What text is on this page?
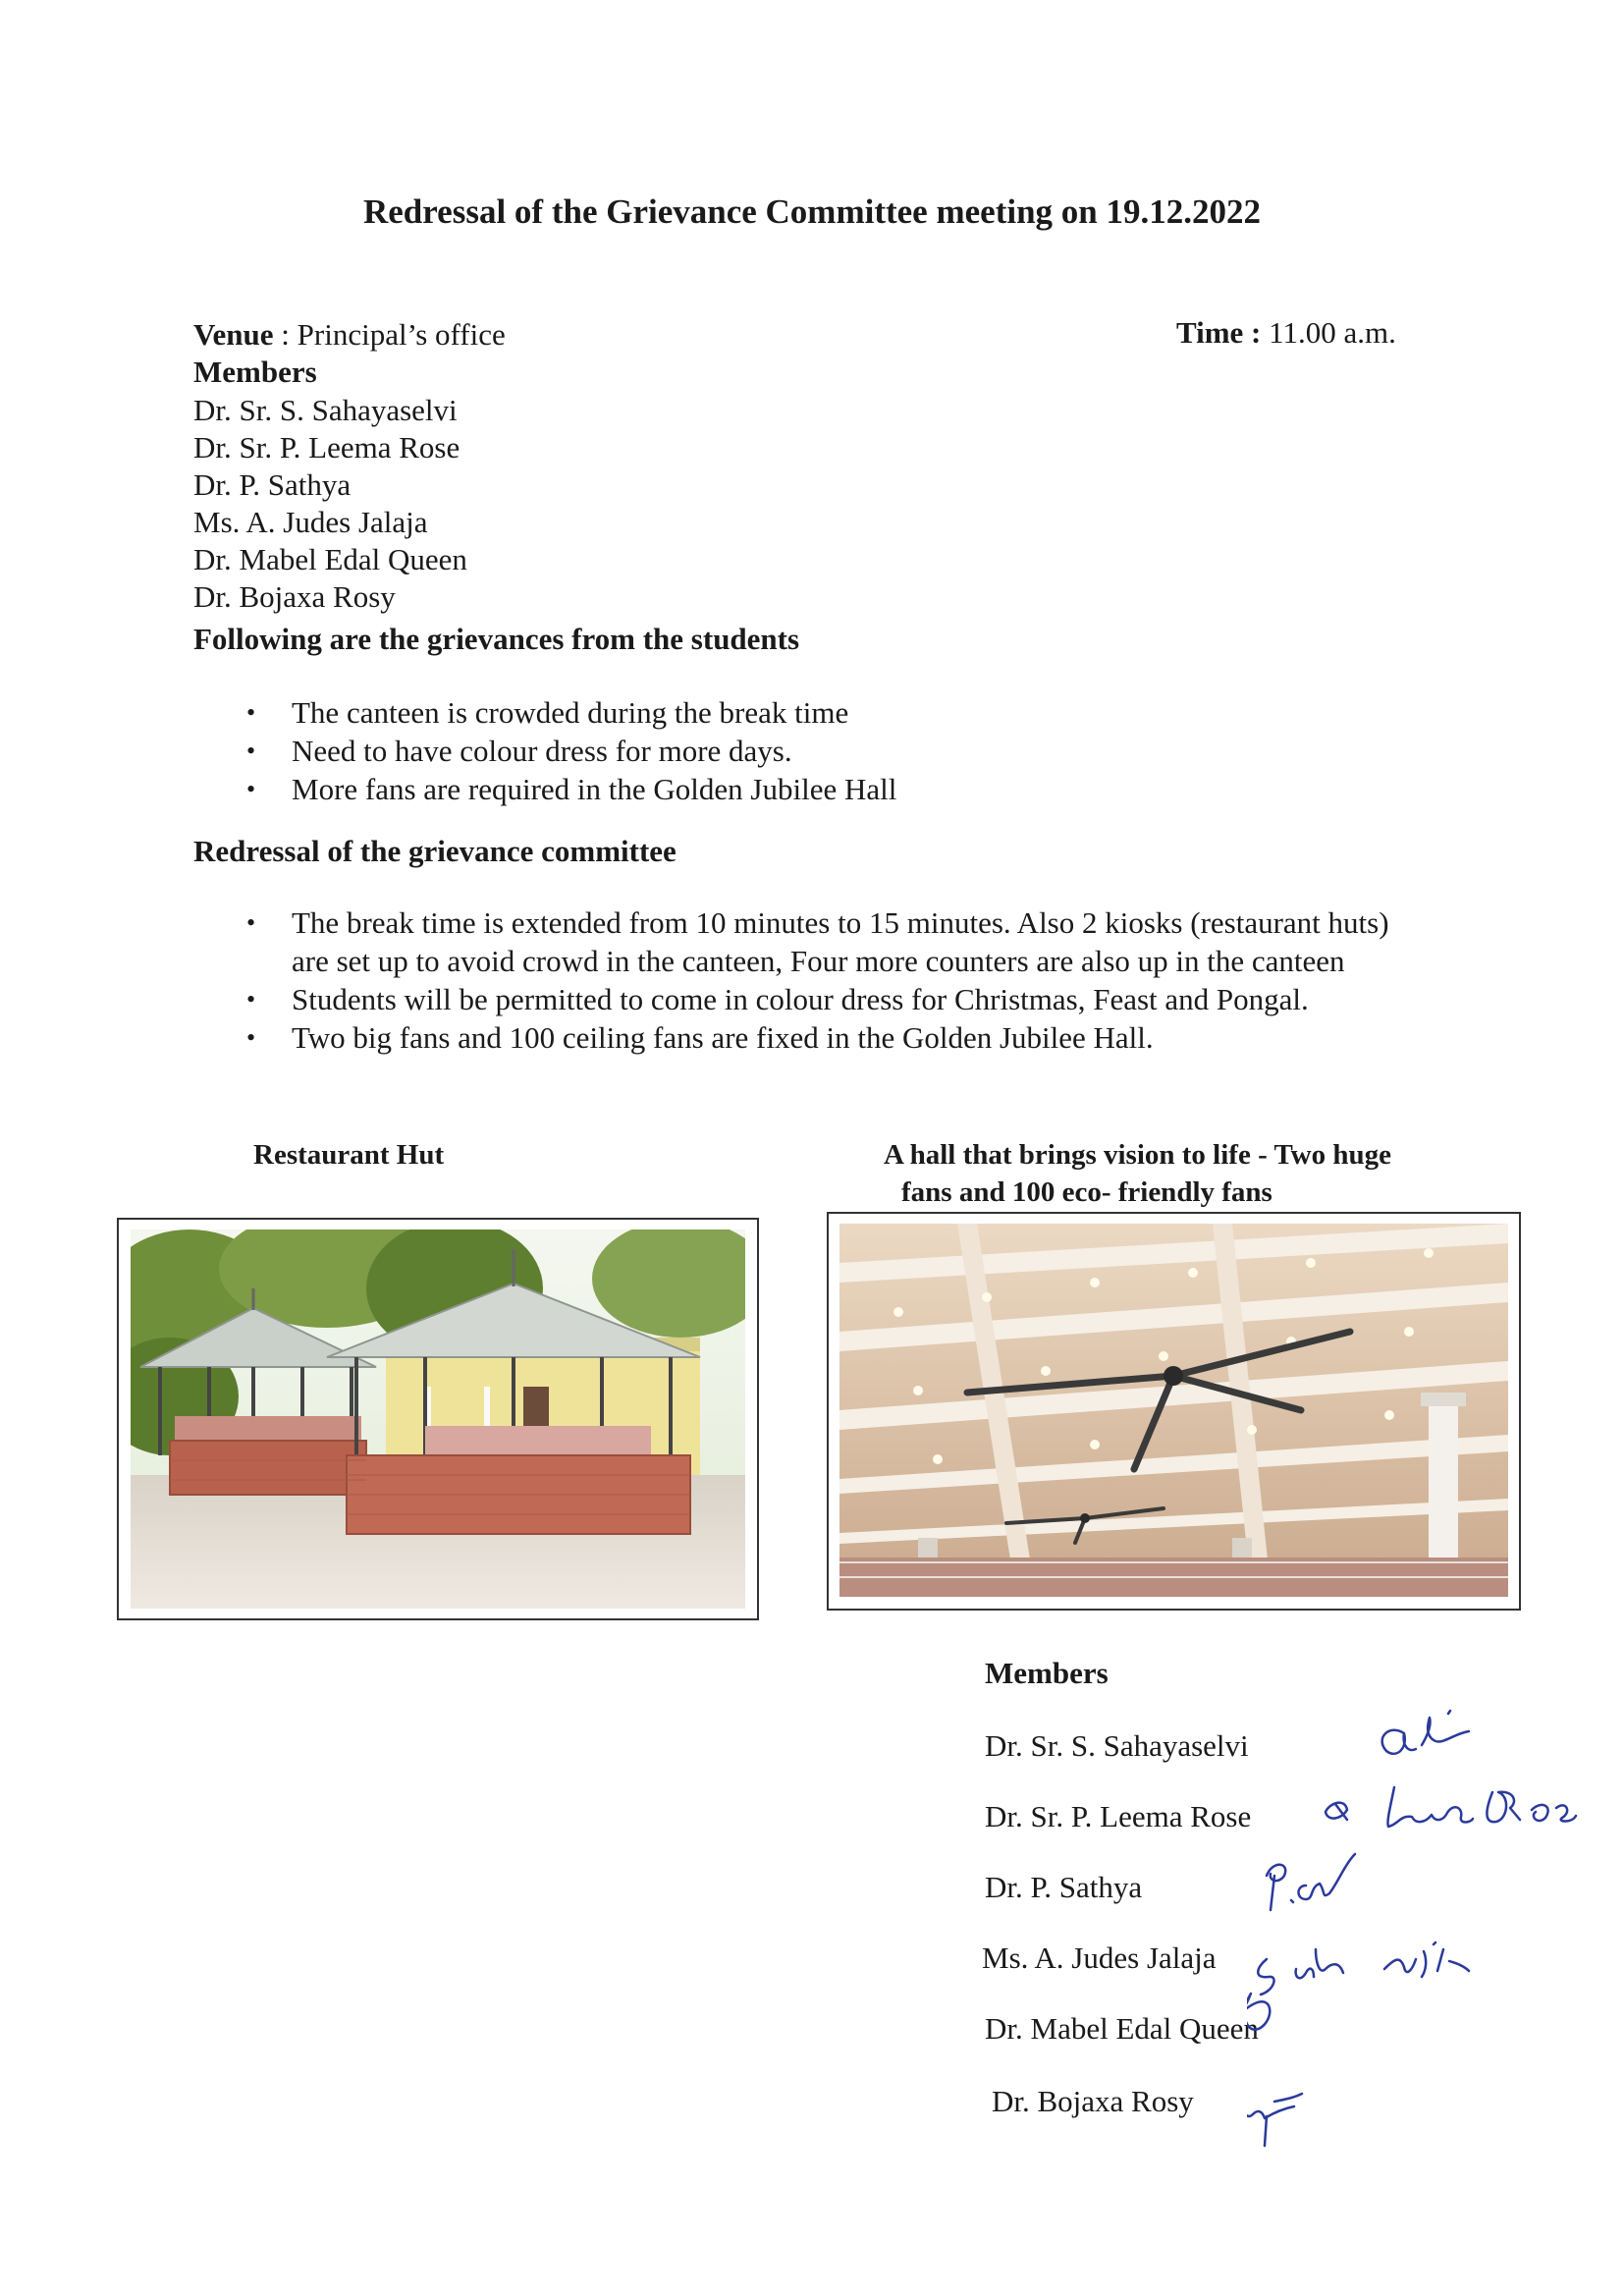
Redressal of the Grievance Committee meeting on 19.12.2022
Venue : Principal’s office	Time : 11.00 a.m.
Members
Dr. Sr. S. Sahayaselvi
Dr. Sr. P. Leema Rose
Dr. P. Sathya
Ms. A. Judes Jalaja
Dr. Mabel Edal Queen
Dr. Bojaxa Rosy
Following are the grievances from the students
• The canteen is crowded during the break time
• Need to have colour dress for more days.
• More fans are required in the Golden Jubilee Hall
Redressal of the grievance committee
• The break time is extended from 10 minutes to 15 minutes. Also 2 kiosks (restaurant huts) are set up to avoid crowd in the canteen, Four more counters are also up in the canteen
• Students will be permitted to come in colour dress for Christmas, Feast and Pongal.
• Two big fans and 100 ceiling fans are fixed in the Golden Jubilee Hall.
Restaurant Hut	A hall that brings vision to life - Two huge
fans and 100 eco- friendly fans
Members
Dr. Sr. S. Sahayaselvi
Dr. Sr. P. Leema Rose
Dr. P. Sathya
Ms. A. Judes Jalaja
Dr. Mabel Edal Queen
Dr. Bojaxa Rosy
